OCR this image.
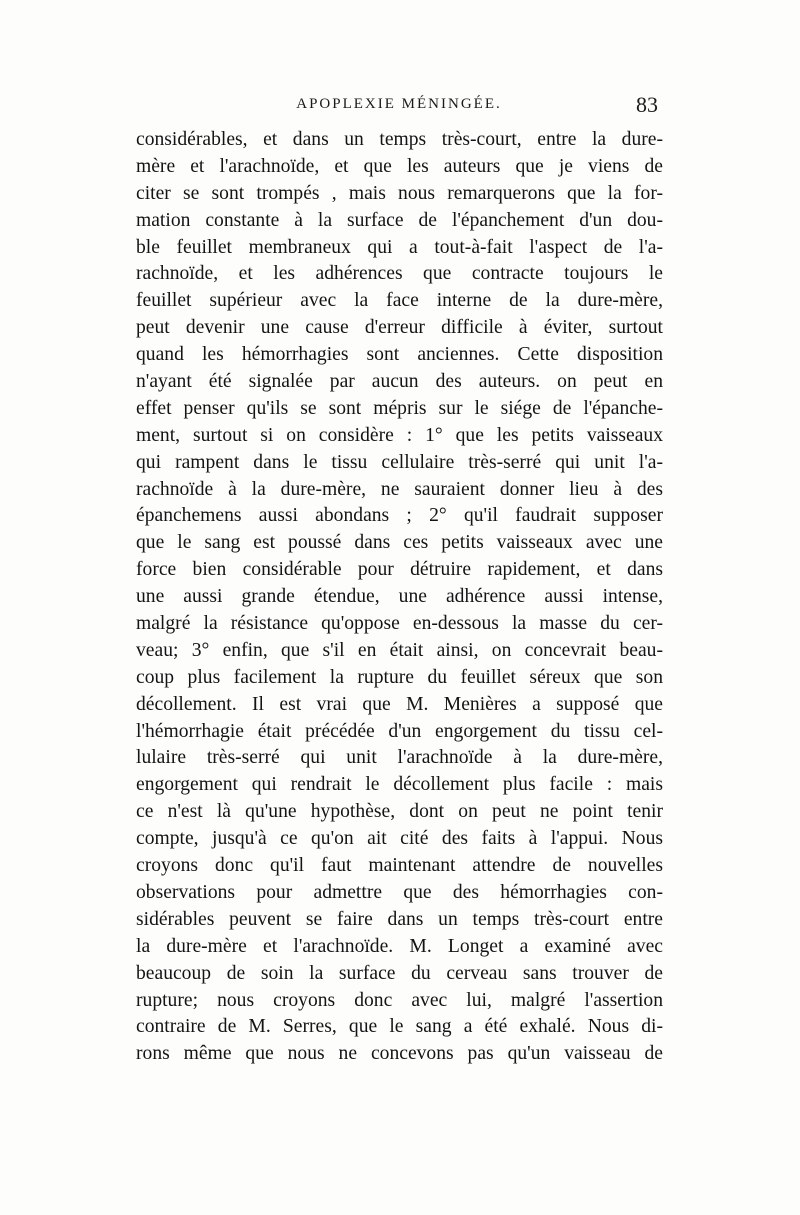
APOPLEXIE MÉNINGÉE.	83
considérables, et dans un temps très-court, entre la dure-
mère et l'arachnoïde, et que les auteurs que je viens de
citer se sont trompés , mais nous remarquerons que la for-
mation constante à la surface de l'épanchement d'un dou-
ble feuillet membraneux qui a tout-à-fait l'aspect de l'a-
rachnoïde, et les adhérences que contracte toujours le
feuillet supérieur avec la face interne de la dure-mère,
peut devenir une cause d'erreur difficile à éviter, surtout
quand les hémorrhagies sont anciennes. Cette disposition
n'ayant été signalée par aucun des auteurs. on peut en
effet penser qu'ils se sont mépris sur le siége de l'épanche-
ment, surtout si on considère : 1° que les petits vaisseaux
qui rampent dans le tissu cellulaire très-serré qui unit l'a-
rachnoïde à la dure-mère, ne sauraient donner lieu à des
épanchemens aussi abondans ; 2° qu'il faudrait supposer
que le sang est poussé dans ces petits vaisseaux avec une
force bien considérable pour détruire rapidement, et dans
une aussi grande étendue, une adhérence aussi intense,
malgré la résistance qu'oppose en-dessous la masse du cer-
veau; 3° enfin, que s'il en était ainsi, on concevrait beau-
coup plus facilement la rupture du feuillet séreux que son
décollement. Il est vrai que M. Menières a supposé que
l'hémorrhagie était précédée d'un engorgement du tissu cel-
lulaire très-serré qui unit l'arachnoïde à la dure-mère,
engorgement qui rendrait le décollement plus facile : mais
ce n'est là qu'une hypothèse, dont on peut ne point tenir
compte, jusqu'à ce qu'on ait cité des faits à l'appui. Nous
croyons donc qu'il faut maintenant attendre de nouvelles
observations pour admettre que des hémorrhagies con-
sidérables peuvent se faire dans un temps très-court entre
la dure-mère et l'arachnoïde. M. Longet a examiné avec
beaucoup de soin la surface du cerveau sans trouver de
rupture; nous croyons donc avec lui, malgré l'assertion
contraire de M. Serres, que le sang a été exhalé. Nous di-
rons même que nous ne concevons pas qu'un vaisseau de
